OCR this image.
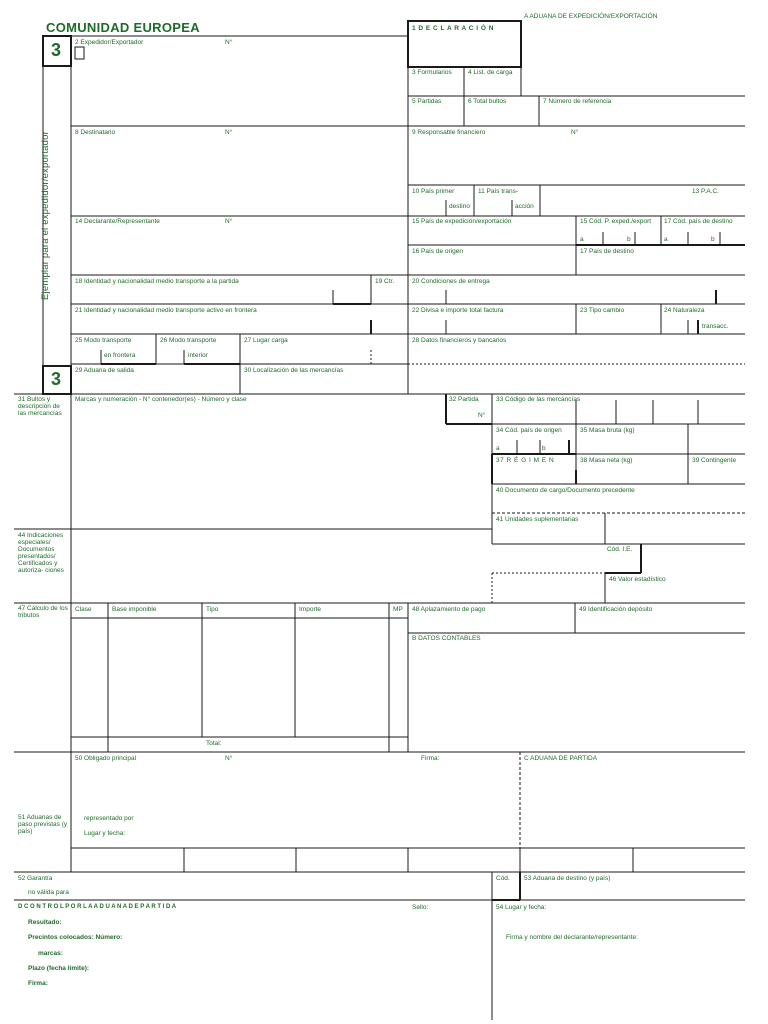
COMUNIDAD EUROPEA
A ADUANA DE EXPEDICIÓN/EXPORTACIÓN
1 D E C L A R A C I Ó N
3
3
Ejemplar para el expedidor/exportador
2 Expedidor/Exportador	N°
3 Formularios	4 List. de carga
5 Partidas	6 Total bultos	7 Número de referencia
8 Destinatario	N°	9 Responsable financiero	N°
10 País primer
destino
11 País trans-
acción
13 P.A.C.
14 Declarante/Representante	N°	15 País de expedición/exportación	15 Cód. P. exped./export 17 Cód. país de destino
a	b	a	b
16 País de origen	17 País de destino
18 Identidad y nacionalidad medio transporte a la partida	19 Ctr.	20 Condiciones de entrega
21 Identidad y nacionalidad medio transporte activo en frontera	22 Divisa e importe total factura	23 Tipo cambio	24 Naturaleza
transacc.
25 Modo transporte
en frontera
26 Modo transporte
interior
27 Lugar carga	28 Datos financieros y bancarios
29 Aduana de salida	30 Localización de las mercancías
31 Bultos y descripción de las mercancías
Marcas y numeración - N° contenedor(es) - Número y clase	32 Partida
N°
33 Código de las mercancías
34 Cód. país de origen
a	b
35 Masa bruta (kg)
37 R É G I M E N	38 Masa neta (kg)	39 Contingente
40 Documento de cargo/Documento precedente
41 Unidades suplementarias
44 Indicaciones especiales/ Documentos presentados/ Certificados y autoriza- ciones
Cód. I.E.
46 Valor estadístico
47 Cálculo de los tributos
Clase	Base imponible	Tipo	Importe	MP
Total:
48 Aplazamiento de pago	49 Identificación depósito
B DATOS CONTABLES
50 Obligado principal	N°	Firma:	C ADUANA DE PARTIDA
representado por
Lugar y fecha:
51 Aduanas de paso previstas (y país)
52 Garantía
no válida para
Cód. 53 Aduana de destino (y país)
D C O N T R O L P O R L A A D U A N A D E P A R T I D A	Sello:	54 Lugar y fecha:
Firma y nombre del declarante/representante:
Resultado:
Precintos colocados: Número:
marcas:
Plazo (fecha límite):
Firma:
